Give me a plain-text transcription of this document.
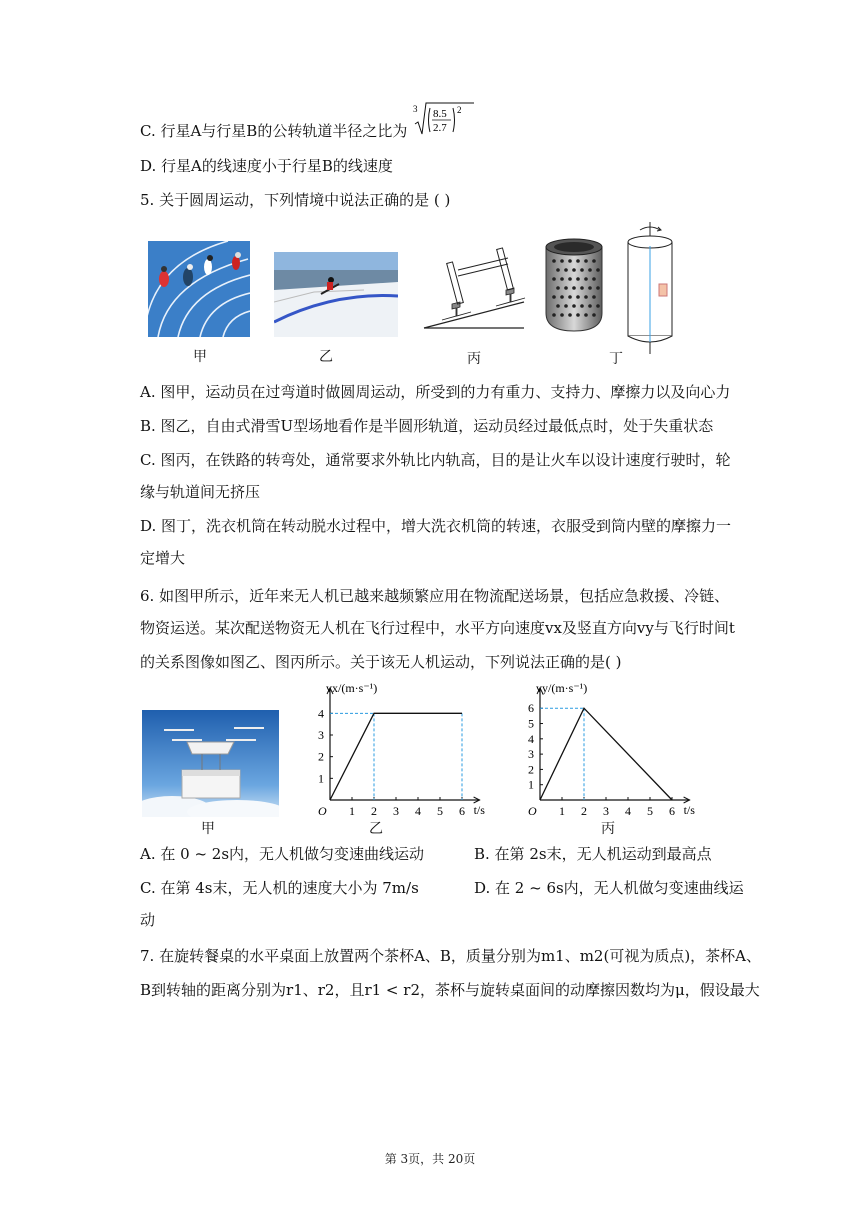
C. 行星A与行星B的公转轨道半径之比为
3 8.5
2.7
2
D. 行星A的线速度小于行星B的线速度
5. 关于圆周运动，下列情境中说法正确的是 ( )
甲	乙	丙	丁
A. 图甲，运动员在过弯道时做圆周运动，所受到的力有重力、支持力、摩擦力以及向心力
B. 图乙，自由式滑雪U型场地看作是半圆形轨道，运动员经过最低点时，处于失重状态
C. 图丙，在铁路的转弯处，通常要求外轨比内轨高，目的是让火车以设计速度行驶时，轮
缘与轨道间无挤压
D. 图丁，洗衣机筒在转动脱水过程中，增大洗衣机筒的转速，衣服受到筒内壁的摩擦力一
定增大
6. 如图甲所示，近年来无人机已越来越频繁应用在物流配送场景，包括应急救援、冷链、
物资运送。某次配送物资无人机在飞行过程中，水平方向速度vx及竖直方向vy与飞行时间t
的关系图像如图乙、图丙所示。关于该无人机运动，下列说法正确的是( )
甲
vx/(m·s⁻¹)
t/s
O 1 2 3 4 5 6
1
2
3
4
乙
vy/(m·s⁻¹)
t/s
O 1 2 3 4 5 6
1
2
3
4
5
6
丙
A. 在 0 ~ 2s内，无人机做匀变速曲线运动	B. 在第 2s末，无人机运动到最高点
C. 在第 4s末，无人机的速度大小为 7m/s	D. 在 2 ~ 6s内，无人机做匀变速曲线运
动
7. 在旋转餐桌的水平桌面上放置两个茶杯A、B，质量分别为m1、m2(可视为质点)，茶杯A、
B到转轴的距离分别为r1、r2，且r1 < r2，茶杯与旋转桌面间的动摩擦因数均为μ，假设最大
第 3页，共 20页
